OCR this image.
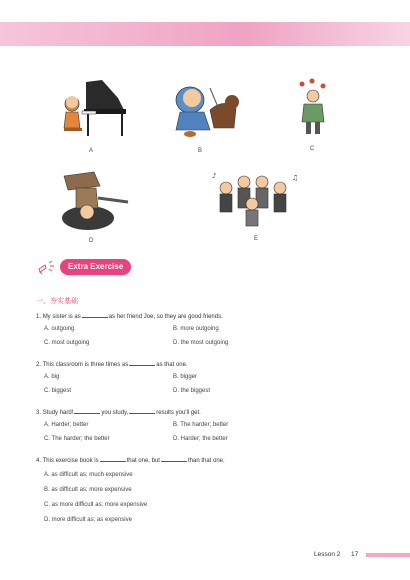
A	B	C
D
♪	♫
E
Extra Exercise
一、夯实基础
1. My sister is as	as her friend Joe, so they are good friends.
A. outgoing	B. more outgoing
C. most outgoing	D. the most outgoing
2. This classroom is three times as	as that one.
A. big	B. bigger
C. biggest	D. the biggest
3. Study hard!	you study,	results you'll get.
A. Harder; better	B. The harder; better
C. The harder; the better	D. Harder; the better
4. This exercise book is	that one, but	than that one.
A. as difficult as; much expensive
B. as difficult as; more expensive
C. as more difficult as; more expensive
D. more difficult as; as expensive
Lesson 2 17
